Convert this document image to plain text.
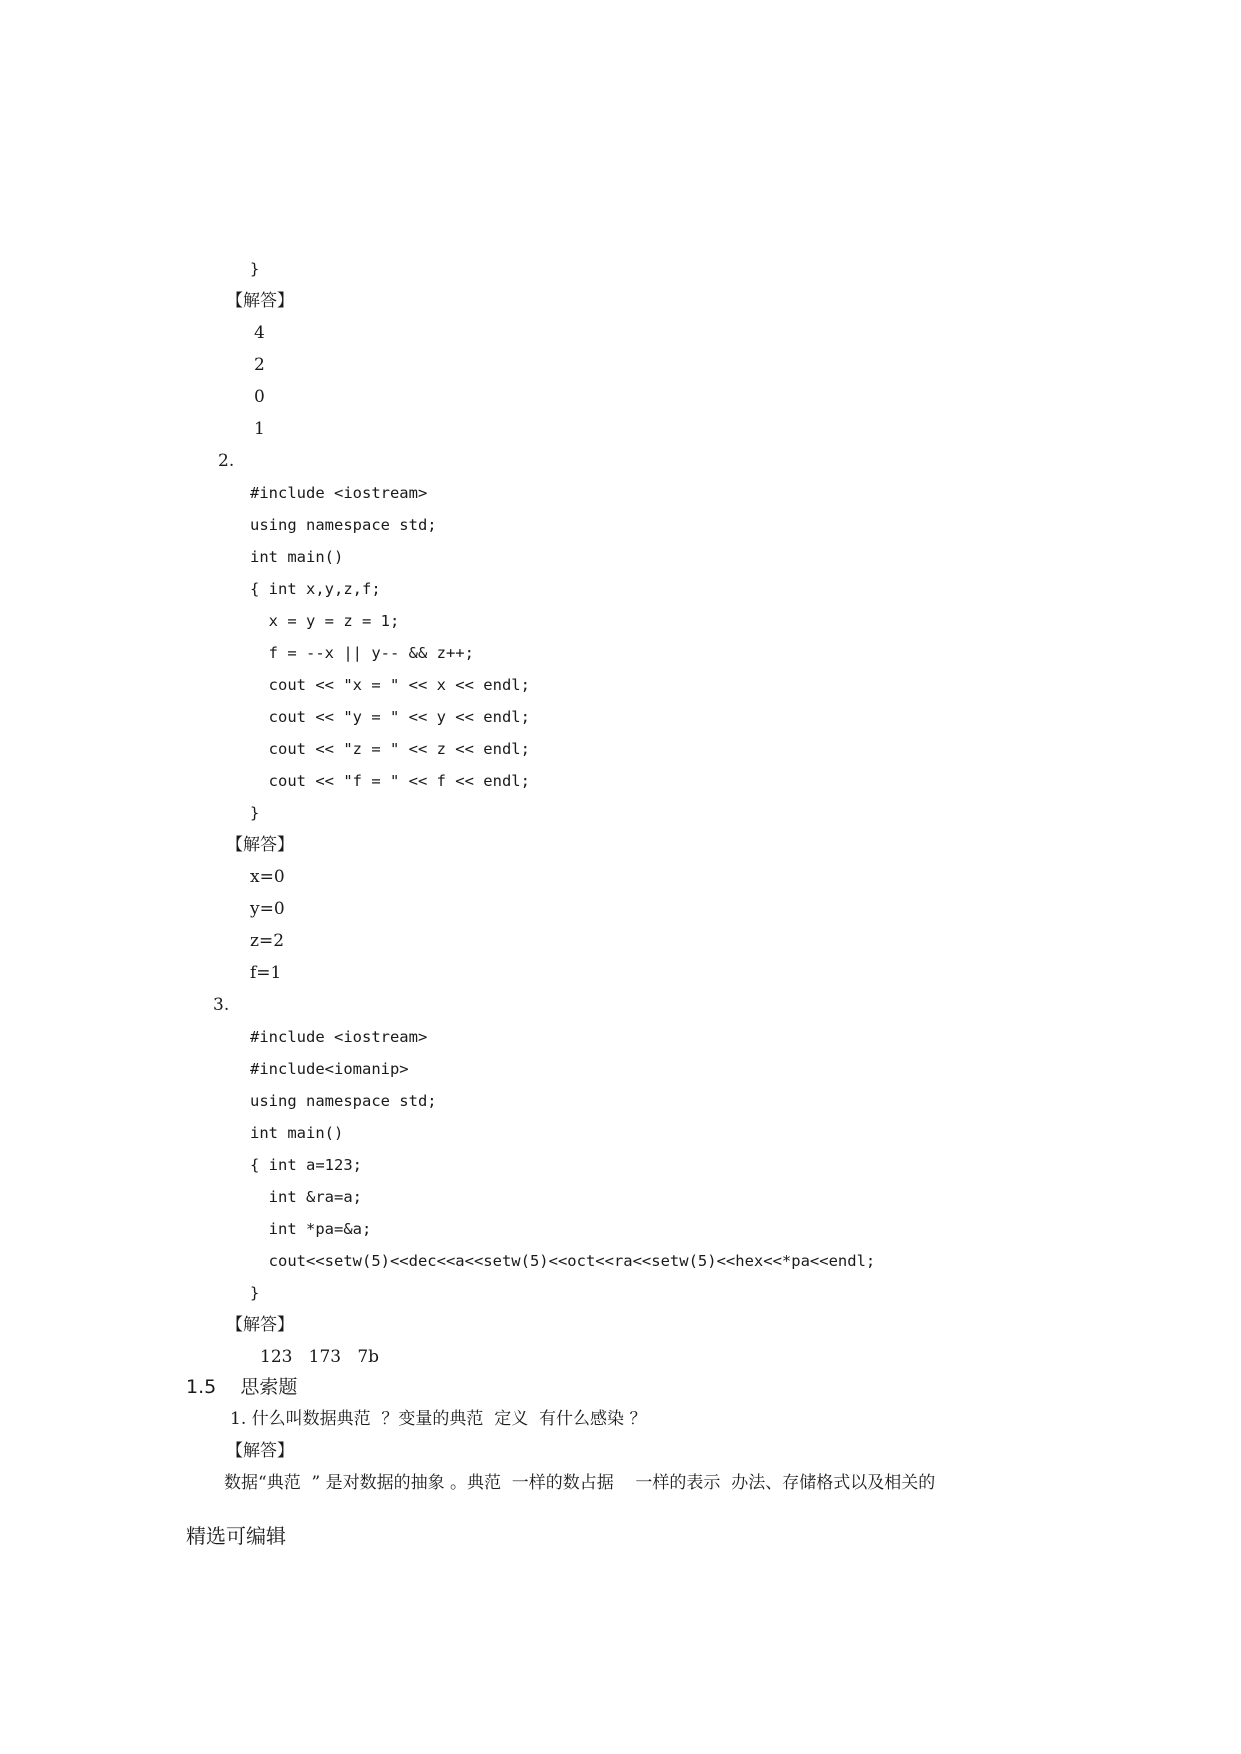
}
【解答】
4
2
0
1
2.
#include <iostream>
using namespace std;
int main()
{ int x,y,z,f;
x = y = z = 1;
f = --x || y-- && z++;
cout << "x = " << x << endl;
cout << "y = " << y << endl;
cout << "z = " << z << endl;
cout << "f = " << f << endl;
}
【解答】
x=0
y=0
z=2
f=1
3.
#include <iostream>
#include<iomanip>
using namespace std;
int main()
{ int a=123;
int &ra=a;
int *pa=&a;
cout<<setw(5)<<dec<<a<<setw(5)<<oct<<ra<<setw(5)<<hex<<*pa<<endl;
}
【解答】
123   173   7b
1.5    思索题
1. 什么叫数据典范  ？变量的典范  定义  有什么感染 ？
【解答】
数据“典范  ” 是对数据的抽象 。典范  一样的数占据    一样的表示  办法、存储格式以及相关的
精选可编辑
